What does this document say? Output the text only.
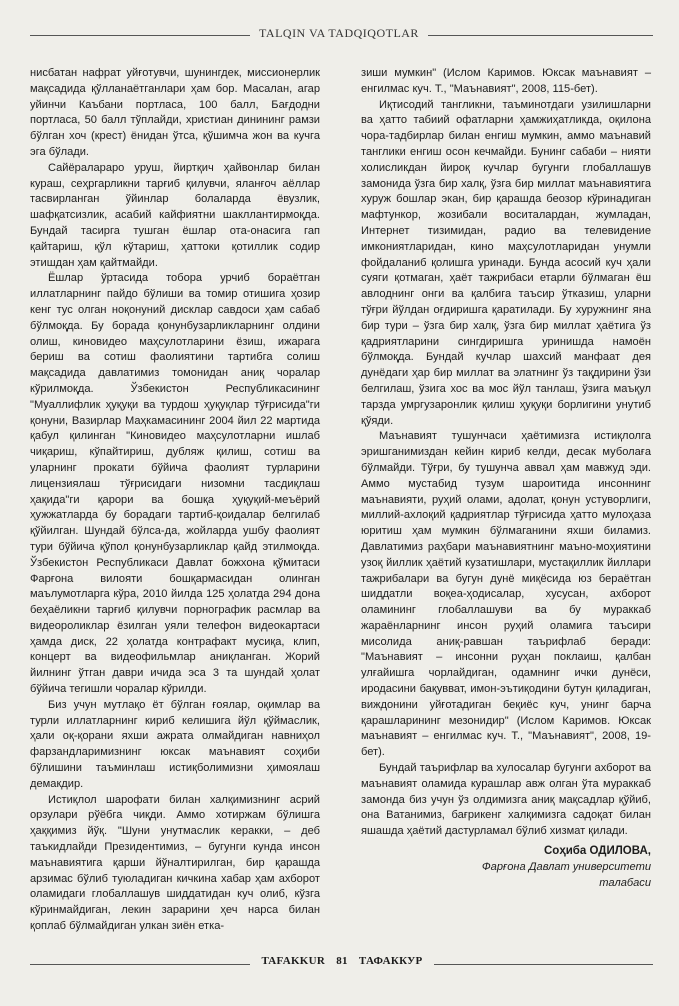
TALQIN VA TADQIQOTLAR

нисбатан нафрат уйғотувчи, шунингдек, миссионерлик мақсадида қўлланаётганлари ҳам бор. Масалан, агар уйинчи Каъбани портласа, 100 балл, Бағдодни портласа, 50 балл тўплайди, христиан динининг рамзи бўлган хоч (крест) ёнидан ўтса, қўшимча жон ва кучга эга бўлади.

Сайёралараро уруш, йиртқич ҳайвонлар билан кураш, сеҳргарликни тарғиб қилувчи, яланғоч аёллар тасвирланган ўйинлар болаларда ёвузлик, шафқатсизлик, асабий кайфиятни шакллантирмоқда. Бундай тасирга тушган ёшлар ота-онасига гап қайтариш, қўл кўтариш, ҳаттоки қотиллик содир этишдан ҳам қайтмайди.

Ёшлар ўртасида тобора урчиб бораётган иллатларнинг пайдо бўлиши ва томир отишига ҳозир кенг тус олган ноқонуний дисклар савдоси ҳам сабаб бўлмоқда. Бу борада қонунбузарликларнинг олдини олиш, киновидео маҳсулотларини ёзиш, ижарага бериш ва сотиш фаолиятини тартибга солиш мақсадида давлатимиз томонидан аниқ чоралар кўрилмоқда. Ўзбекистон Республикасининг "Муаллифлик ҳуқуқи ва турдош ҳуқуқлар тўғрисида"ги қонуни, Вазирлар Маҳкамасининг 2004 йил 22 мартида қабул қилинган "Киновидео маҳсулотларни ишлаб чиқариш, кўпайтириш, дубляж қилиш, сотиш ва уларнинг прокати бўйича фаолият турларини лицензиялаш тўғрисидаги низомни тасдиқлаш ҳақида"ги қарори ва бошқа ҳуқуқий-меъёрий ҳужжатларда бу борадаги тартиб-қоидалар белгилаб қўйилган. Шундай бўлса-да, жойларда ушбу фаолият тури бўйича қўпол қонунбузарликлар қайд этилмоқда. Ўзбекистон Республикаси Давлат божхона қўмитаси Фарғона вилояти бошқармасидан олинган маълумотларга кўра, 2010 йилда 125 ҳолатда 294 дона беҳаёликни тарғиб қилувчи порнографик расмлар ва видеороликлар ёзилган уяли телефон видеокартаси ҳамда диск, 22 ҳолатда контрафакт мусиқа, клип, концерт ва видеофильмлар аниқланган. Жорий йилнинг ўтган даври ичида эса 3 та шундай ҳолат бўйича тегишли чоралар кўрилди.

Биз учун мутлақо ёт бўлган ғоялар, оқимлар ва турли иллатларнинг кириб келишига йўл қўймаслик, ҳали оқ-қорани яхши ажрата олмайдиган навниҳол фарзандларимизнинг юксак маънавият соҳиби бўлишини таъминлаш истиқболимизни ҳимоялаш демакдир.

Истиқлол шарофати билан халқимизнинг асрий орзулари рўёбга чиқди. Аммо хотиржам бўлишга ҳаққимиз йўқ. "Шуни унутмаслик керакки, – деб таъкидлайди Президентимиз, – бугунги кунда инсон маънавиятига қарши йўналтирилган, бир қарашда арзимас бўлиб туюладиган кичкина хабар ҳам ахборот оламидаги глобаллашув шиддатидан куч олиб, кўзга кўринмайдиган, лекин зарарини ҳеч нарса билан қоплаб бўлмайдиган улкан зиён етка-

зиши мумкин" (Ислом Каримов. Юксак маънавият – енгилмас куч. Т., "Маънавият", 2008, 115-бет).

Иқтисодий тангликни, таъминотдаги узилишларни ва ҳатто табиий офатларни ҳамжиҳатликда, оқилона чора-тадбирлар билан енгиш мумкин, аммо маънавий танглики енгиш осон кечмайди. Бунинг сабаби – нияти холисликдан йироқ кучлар бугунги глобаллашув замонида ўзга бир халқ, ўзга бир миллат маънавиятига хуруж бошлар экан, бир қарашда беозор кўринадиган мафтункор, жозибали воситалардан, жумладан, Интернет тизимидан, радио ва телевидение имкониятларидан, кино маҳсулотларидан унумли фойдаланиб қолишга уринади. Бунда асосий куч ҳали суяги қотмаган, ҳаёт тажрибаси етарли бўлмаган ёш авлоднинг онги ва қалбига таъсир ўтказиш, уларни тўғри йўлдан оғдиришга қаратилади. Бу хуружнинг яна бир тури – ўзга бир халқ, ўзга бир миллат ҳаётига ўз қадриятларини сингдиришга уринишда намоён бўлмоқда. Бундай кучлар шахсий манфаат дея дунёдаги ҳар бир миллат ва элатнинг ўз тақдирини ўзи белгилаш, ўзига хос ва мос йўл танлаш, ўзига маъқул тарзда умргузаронлик қилиш ҳуқуқи борлигини унутиб қўяди.

Маънавият тушунчаси ҳаётимизга истиқлолга эришганимиздан кейин кириб келди, десак муболаға бўлмайди. Тўғри, бу тушунча аввал ҳам мавжуд эди. Аммо мустабид тузум шароитида инсоннинг маънавияти, руҳий олами, адолат, қонун устуворлиги, миллий-ахлоқий қадриятлар тўғрисида ҳатто мулоҳаза юритиш ҳам мумкин бўлмаганини яхши биламиз. Давлатимиз раҳбари маънавиятнинг маъно-моҳиятини узоқ йиллик ҳаётий кузатишлари, мустақиллик йиллари тажрибалари ва бугун дунё миқёсида юз бераётган шиддатли воқеа-ҳодисалар, хусусан, ахборот оламининг глобаллашуви ва бу мураккаб жараёнларнинг инсон руҳий оламига таъсири мисолида аниқ-равшан таърифлаб беради: "Маънавият – инсонни руҳан поклаиш, қалбан улғайишга чорлайдиган, одамнинг ички дунёси, иродасини бақувват, имон-эътиқодини бутун қиладиган, виждонини уйғотадиган беқиёс куч, унинг барча қарашларининг мезонидир" (Ислом Каримов. Юксак маънавият – енгилмас куч. Т., "Маънавият", 2008, 19-бет).

Бундай таърифлар ва хулосалар бугунги ахборот ва маънавият оламида курашлар авж олган ўта мураккаб замонда биз учун ўз олдимизга аниқ мақсадлар қўйиб, она Ватанимиз, бағрикенг халқимизга садоқат билан яшашда ҳаётий дастурламал бўлиб хизмат қилади.

Соҳиба ОДИЛОВА,
Фарғона Давлат университети
талабаси
TAFAKKUR 81 ТАФАККУР
